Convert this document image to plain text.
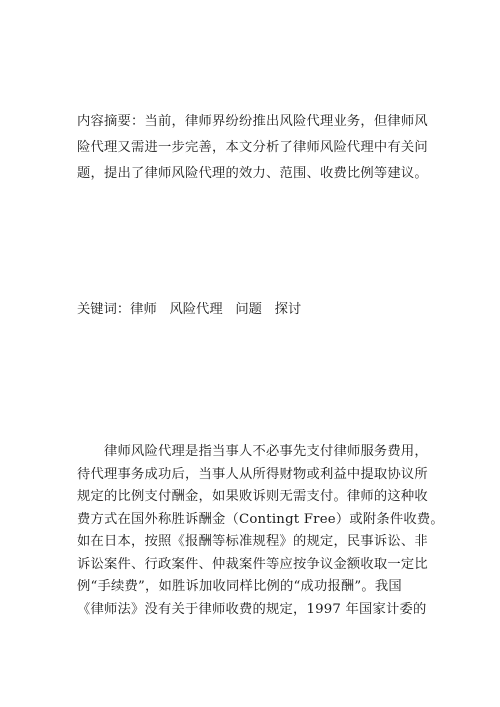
内容摘要：当前，律师界纷纷推出风险代理业务，但律师风

险代理又需进一步完善，本文分析了律师风险代理中有关问

题，提出了律师风险代理的效力、范围、收费比例等建议。

关键词：律师   风险代理   问题   探讨
律师风险代理是指当事人不必事先支付律师服务费用，
待代理事务成功后，当事人从所得财物或利益中提取协议所
规定的比例支付酬金，如果败诉则无需支付。律师的这种收
费方式在国外称胜诉酬金（Contingt Free）或附条件收费。
如在日本，按照《报酬等标准规程》的规定，民事诉讼、非
诉讼案件、行政案件、仲裁案件等应按争议金额收取一定比
例“手续费”，如胜诉加收同样比例的“成功报酬”。我国
《律师法》没有关于律师收费的规定，1997 年国家计委的
